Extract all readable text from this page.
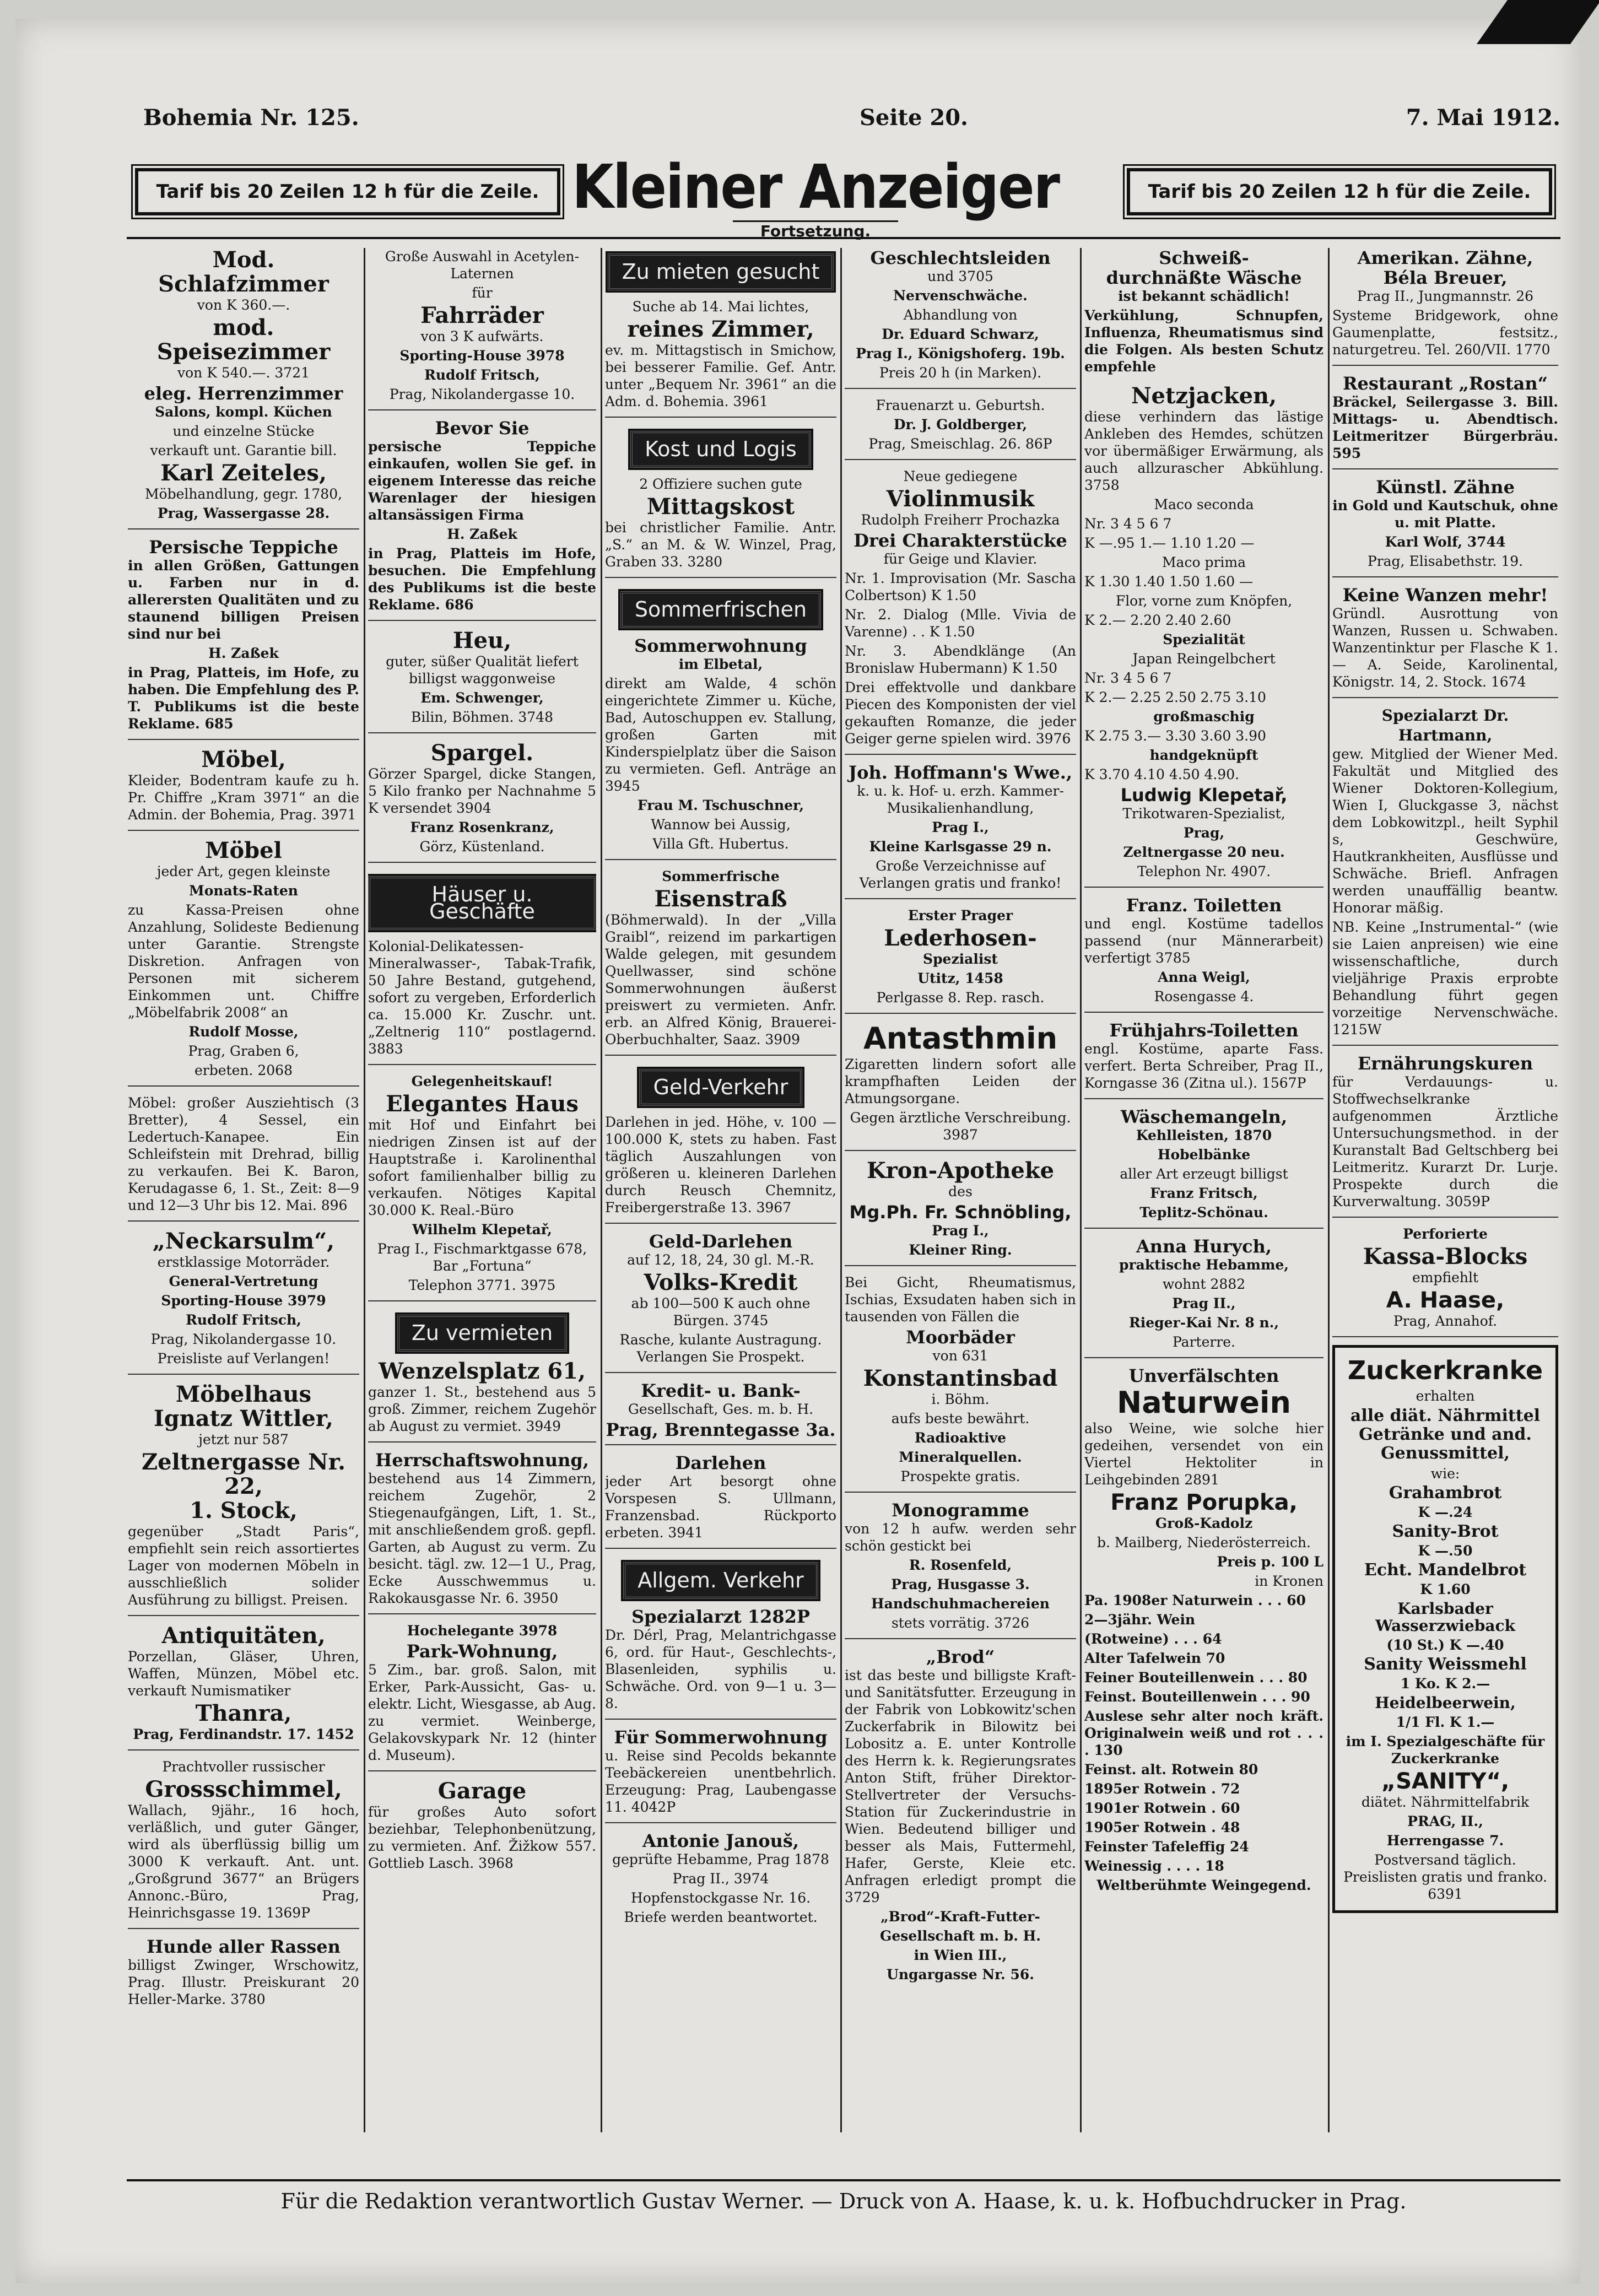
Bohemia Nr. 125.	Seite 20.	7. Mai 1912.
Tarif bis 20 Zeilen 12 h für die Zeile. Kleiner Anzeiger
Fortsetzung.
Tarif bis 20 Zeilen 12 h für die Zeile.
Mod. Schlafzimmer

von K 360.—.

mod. Speisezimmer

von K 540.—. 3721

eleg. Herrenzimmer

Salons, kompl. Küchen

und einzelne Stücke

verkauft unt. Garantie bill.

Karl Zeiteles,

Möbelhandlung, gegr. 1780,

Prag, Wassergasse 28.

Persische Teppiche

in allen Größen, Gattungen u. Farben nur in d. allerersten Qualitäten und zu staunend billigen Preisen sind nur bei

H. Zaßek

in Prag, Platteis, im Hofe, zu haben. Die Empfehlung des P. T. Publikums ist die beste Reklame. 685

Möbel,

Kleider, Bodentram kaufe zu h. Pr. Chiffre „Kram 3971“ an die Admin. der Bohemia, Prag. 3971

Möbel

jeder Art, gegen kleinste

Monats-Raten

zu Kassa-Preisen ohne Anzahlung, Solideste Bedienung unter Garantie. Strengste Diskretion. Anfragen von Personen mit sicherem Einkommen unt. Chiffre „Möbelfabrik 2008“ an

Rudolf Mosse,

Prag, Graben 6,

erbeten. 2068

Möbel: großer Ausziehtisch (3 Bretter), 4 Sessel, ein Ledertuch-Kanapee. Ein Schleifstein mit Drehrad, billig zu verkaufen. Bei K. Baron, Kerudagasse 6, 1. St., Zeit: 8—9 und 12—3 Uhr bis 12. Mai. 896

„Neckarsulm“,

erstklassige Motorräder.

General-Vertretung

Sporting-House 3979

Rudolf Fritsch,

Prag, Nikolandergasse 10.

Preisliste auf Verlangen!

Möbelhaus
Ignatz Wittler,

jetzt nur 587

Zeltnergasse Nr. 22,
1. Stock,

gegenüber „Stadt Paris“, empfiehlt sein reich assortiertes Lager von modernen Möbeln in ausschließlich solider Ausführung zu billigst. Preisen.

Antiquitäten,

Porzellan, Gläser, Uhren, Waffen, Münzen, Möbel etc. verkauft Numismatiker

Thanra,

Prag, Ferdinandstr. 17. 1452

Prachtvoller russischer

Grossschimmel,

Wallach, 9jähr., 16 hoch, verläßlich, und guter Gänger, wird als überflüssig billig um 3000 K verkauft. Ant. unt. „Großgrund 3677“ an Brügers Annonc.-Büro, Prag, Heinrichsgasse 19. 1369P

Hunde aller Rassen

billigst Zwinger, Wrschowitz, Prag. Illustr. Preiskurant 20 Heller-Marke. 3780

Große Auswahl in Acetylen-Laternen

für

Fahrräder

von 3 K aufwärts.

Sporting-House 3978

Rudolf Fritsch,

Prag, Nikolandergasse 10.

Bevor Sie

persische Teppiche einkaufen, wollen Sie gef. in eigenem Interesse das reiche Warenlager der hiesigen altansässigen Firma

H. Zaßek

in Prag, Platteis im Hofe, besuchen. Die Empfehlung des Publikums ist die beste Reklame. 686

Heu,

guter, süßer Qualität liefert billigst waggonweise

Em. Schwenger,

Bilin, Böhmen. 3748

Spargel.

Görzer Spargel, dicke Stangen, 5 Kilo franko per Nachnahme 5 K versendet 3904

Franz Rosenkranz,

Görz, Küstenland.

Häuser u. Geschäfte

Kolonial-Delikatessen-Mineralwasser-, Tabak-Trafik, 50 Jahre Bestand, gutgehend, sofort zu vergeben, Erforderlich ca. 15.000 Kr. Zuschr. unt. „Zeltnerig 110“ postlagernd. 3883

Gelegenheitskauf!

Elegantes Haus

mit Hof und Einfahrt bei niedrigen Zinsen ist auf der Hauptstraße i. Karolinenthal sofort familienhalber billig zu verkaufen. Nötiges Kapital 30.000 K. Real.-Büro

Wilhelm Klepetař,

Prag I., Fischmarktgasse 678, Bar „Fortuna“

Telephon 3771. 3975

Zu vermieten
Wenzelsplatz 61,

ganzer 1. St., bestehend aus 5 groß. Zimmer, reichem Zugehör ab August zu vermiet. 3949

Herrschaftswohnung,

bestehend aus 14 Zimmern, reichem Zugehör, 2 Stiegenaufgängen, Lift, 1. St., mit anschließendem groß. gepfl. Garten, ab August zu verm. Zu besicht. tägl. zw. 12—1 U., Prag, Ecke Ausschwemmus u. Rakokausgasse Nr. 6. 3950

Hochelegante 3978

Park-Wohnung,

5 Zim., bar. groß. Salon, mit Erker, Park-Aussicht, Gas- u. elektr. Licht, Wiesgasse, ab Aug. zu vermiet. Weinberge, Gelakovskypark Nr. 12 (hinter d. Museum).

Garage

für großes Auto sofort beziehbar, Telephonbenützung, zu vermieten. Anf. Žižkow 557. Gottlieb Lasch. 3968

Zu mieten gesucht

Suche ab 14. Mai lichtes,

reines Zimmer,

ev. m. Mittagstisch in Smichow, bei besserer Familie. Gef. Antr. unter „Bequem Nr. 3961“ an die Adm. d. Bohemia. 3961

Kost und Logis

2 Offiziere suchen gute

Mittagskost

bei christlicher Familie. Antr. „S.“ an M. & W. Winzel, Prag, Graben 33. 3280

Sommerfrischen
Sommerwohnung

im Elbetal,

direkt am Walde, 4 schön eingerichtete Zimmer u. Küche, Bad, Autoschuppen ev. Stallung, großen Garten mit Kinderspielplatz über die Saison zu vermieten. Gefl. Anträge an 3945

Frau M. Tschuschner,

Wannow bei Aussig,

Villa Gft. Hubertus.

Sommerfrische

Eisenstraß

(Böhmerwald). In der „Villa Graibl“, reizend im parkartigen Walde gelegen, mit gesundem Quellwasser, sind schöne Sommerwohnungen äußerst preiswert zu vermieten. Anfr. erb. an Alfred König, Brauerei-Oberbuchhalter, Saaz. 3909

Geld-Verkehr

Darlehen in jed. Höhe, v. 100 — 100.000 K, stets zu haben. Fast täglich Auszahlungen von größeren u. kleineren Darlehen durch Reusch Chemnitz, Freibergerstraße 13. 3967

Geld-Darlehen

auf 12, 18, 24, 30 gl. M.-R.

Volks-Kredit

ab 100—500 K auch ohne Bürgen. 3745

Rasche, kulante Austragung. Verlangen Sie Prospekt.

Kredit- u. Bank-

Gesellschaft, Ges. m. b. H.

Prag, Brenntegasse 3a.
Darlehen

jeder Art besorgt ohne Vorspesen S. Ullmann, Franzensbad. Rückporto erbeten. 3941

Allgem. Verkehr
Spezialarzt 1282P

Dr. Dérl, Prag, Melantrichgasse 6, ord. für Haut-, Geschlechts-, Blasenleiden, syphilis u. Schwäche. Ord. von 9—1 u. 3—8.

Für Sommerwohnung

u. Reise sind Pecolds bekannte Teebäckereien unentbehrlich. Erzeugung: Prag, Laubengasse 11. 4042P

Antonie Janouš,

geprüfte Hebamme, Prag 1878

Prag II., 3974

Hopfenstockgasse Nr. 16.

Briefe werden beantwortet.

Geschlechtsleiden

und 3705

Nervenschwäche.

Abhandlung von

Dr. Eduard Schwarz,

Prag I., Königshoferg. 19b.

Preis 20 h (in Marken).

Frauenarzt u. Geburtsh.

Dr. J. Goldberger,

Prag, Smeischlag. 26. 86P

Neue gediegene

Violinmusik

Rudolph Freiherr Prochazka

Drei Charakterstücke

für Geige und Klavier.

Nr. 1. Improvisation (Mr. Sascha Colbertson) K 1.50

Nr. 2. Dialog (Mlle. Vivia de Varenne) . . K 1.50

Nr. 3. Abendklänge (An Bronislaw Hubermann) K 1.50

Drei effektvolle und dankbare Piecen des Komponisten der viel gekauften Romanze, die jeder Geiger gerne spielen wird. 3976

Joh. Hoffmann's Wwe.,

k. u. k. Hof- u. erzh. Kammer-Musikalienhandlung,

Prag I.,

Kleine Karlsgasse 29 n.

Große Verzeichnisse auf Verlangen gratis und franko!

Erster Prager

Lederhosen-

Spezialist

Utitz, 1458

Perlgasse 8. Rep. rasch.

Antasthmin

Zigaretten lindern sofort alle krampfhaften Leiden der Atmungsorgane.

Gegen ärztliche Verschreibung. 3987

Kron-Apotheke

des

Mg.Ph. Fr. Schnöbling,

Prag I.,

Kleiner Ring.

Bei Gicht, Rheumatismus, Ischias, Exsudaten haben sich in tausenden von Fällen die

Moorbäder

von 631

Konstantinsbad

i. Böhm.

aufs beste bewährt.

Radioaktive

Mineralquellen.

Prospekte gratis.

Monogramme

von 12 h aufw. werden sehr schön gestickt bei

R. Rosenfeld,

Prag, Husgasse 3.

Handschuhmachereien

stets vorrätig. 3726

„Brod“

ist das beste und billigste Kraft- und Sanitätsfutter. Erzeugung in der Fabrik von Lobkowitz'schen Zuckerfabrik in Bilowitz bei Lobositz a. E. unter Kontrolle des Herrn k. k. Regierungsrates Anton Stift, früher Direktor-Stellvertreter der Versuchs-Station für Zuckerindustrie in Wien. Bedeutend billiger und besser als Mais, Futtermehl, Hafer, Gerste, Kleie etc. Anfragen erledigt prompt die 3729

„Brod“-Kraft-Futter-

Gesellschaft m. b. H.

in Wien III.,

Ungargasse Nr. 56.

Schweiß-
durchnäßte Wäsche

ist bekannt schädlich!

Verkühlung, Schnupfen, Influenza, Rheumatismus sind die Folgen. Als besten Schutz empfehle

Netzjacken,

diese verhindern das lästige Ankleben des Hemdes, schützen vor übermäßiger Erwärmung, als auch allzurascher Abkühlung. 3758

Maco seconda

Nr. 3 4 5 6 7

K —.95 1.— 1.10 1.20 —

Maco prima

K 1.30 1.40 1.50 1.60 —

Flor, vorne zum Knöpfen,

K 2.— 2.20 2.40 2.60

Spezialität

Japan Reingelbchert

Nr. 3 4 5 6 7

K 2.— 2.25 2.50 2.75 3.10

großmaschig

K 2.75 3.— 3.30 3.60 3.90

handgeknüpft

K 3.70 4.10 4.50 4.90.

Ludwig Klepetař,

Trikotwaren-Spezialist,

Prag,

Zeltnergasse 20 neu.

Telephon Nr. 4907.

Franz. Toiletten

und engl. Kostüme tadellos passend (nur Männerarbeit) verfertigt 3785

Anna Weigl,

Rosengasse 4.

Frühjahrs-Toiletten

engl. Kostüme, aparte Fass. verfert. Berta Schreiber, Prag II., Korngasse 36 (Zitna ul.). 1567P

Wäschemangeln,

Kehlleisten, 1870

Hobelbänke

aller Art erzeugt billigst

Franz Fritsch,

Teplitz-Schönau.

Anna Hurych,

praktische Hebamme,

wohnt 2882

Prag II.,

Rieger-Kai Nr. 8 n.,

Parterre.

Unverfälschten
Naturwein

also Weine, wie solche hier gedeihen, versendet von ein Viertel Hektoliter in Leihgebinden 2891

Franz Porupka,

Groß-Kadolz

b. Mailberg, Niederösterreich.

Preis p. 100 L

in Kronen

Pa. 1908er Naturwein . . . 60

2—3jähr. Wein

(Rotweine) . . . 64

Alter Tafelwein 70

Feiner Bouteillenwein . . . 80

Feinst. Bouteillenwein . . . 90

Auslese sehr alter noch kräft. Originalwein weiß und rot . . . . 130

Feinst. alt. Rotwein 80

1895er Rotwein . 72

1901er Rotwein . 60

1905er Rotwein . 48

Feinster Tafeleffig 24

Weinessig . . . . 18

Weltberühmte Weingegend.

Amerikan. Zähne,
Béla Breuer,

Prag II., Jungmannstr. 26

Systeme Bridgework, ohne Gaumenplatte, festsitz., naturgetreu. Tel. 260/VII. 1770

Restaurant „Rostan“

Bräckel, Seilergasse 3. Bill. Mittags- u. Abendtisch. Leitmeritzer Bürgerbräu. 595

Künstl. Zähne

in Gold und Kautschuk, ohne u. mit Platte.

Karl Wolf, 3744

Prag, Elisabethstr. 19.

Keine Wanzen mehr!

Gründl. Ausrottung von Wanzen, Russen u. Schwaben. Wanzentinktur per Flasche K 1.— A. Seide, Karolinental, Königstr. 14, 2. Stock. 1674

Spezialarzt Dr. Hartmann,

gew. Mitglied der Wiener Med. Fakultät und Mitglied des Wiener Doktoren-Kollegium, Wien I, Gluckgasse 3, nächst dem Lobkowitzpl., heilt Syphil s, Geschwüre, Hautkrankheiten, Ausflüsse und Schwäche. Briefl. Anfragen werden unauffällig beantw. Honorar mäßig.

NB. Keine „Instrumental-“ (wie sie Laien anpreisen) wie eine wissenschaftliche, durch vieljährige Praxis erprobte Behandlung führt gegen vorzeitige Nervenschwäche. 1215W

Ernährungskuren

für Verdauungs- u. Stoffwechselkranke aufgenommen Ärztliche Untersuchungsmethod. in der Kuranstalt Bad Geltschberg bei Leitmeritz. Kurarzt Dr. Lurje. Prospekte durch die Kurverwaltung. 3059P

Perforierte

Kassa-Blocks

empfiehlt

A. Haase,

Prag, Annahof.

Zuckerkranke

erhalten

alle diät. Nährmittel Getränke und and. Genussmittel,

wie:

Grahambrot

K —.24

Sanity-Brot

K —.50

Echt. Mandelbrot

K 1.60

Karlsbader Wasserzwieback

(10 St.) K —.40

Sanity Weissmehl

1 Ko. K 2.—

Heidelbeerwein,

1/1 Fl. K 1.—

im I. Spezialgeschäfte für Zuckerkranke

„SANITY“,

diätet. Nährmittelfabrik

PRAG, II.,

Herrengasse 7.

Postversand täglich. Preislisten gratis und franko. 6391

Für die Redaktion verantwortlich Gustav Werner. — Druck von A. Haase, k. u. k. Hofbuchdrucker in Prag.
